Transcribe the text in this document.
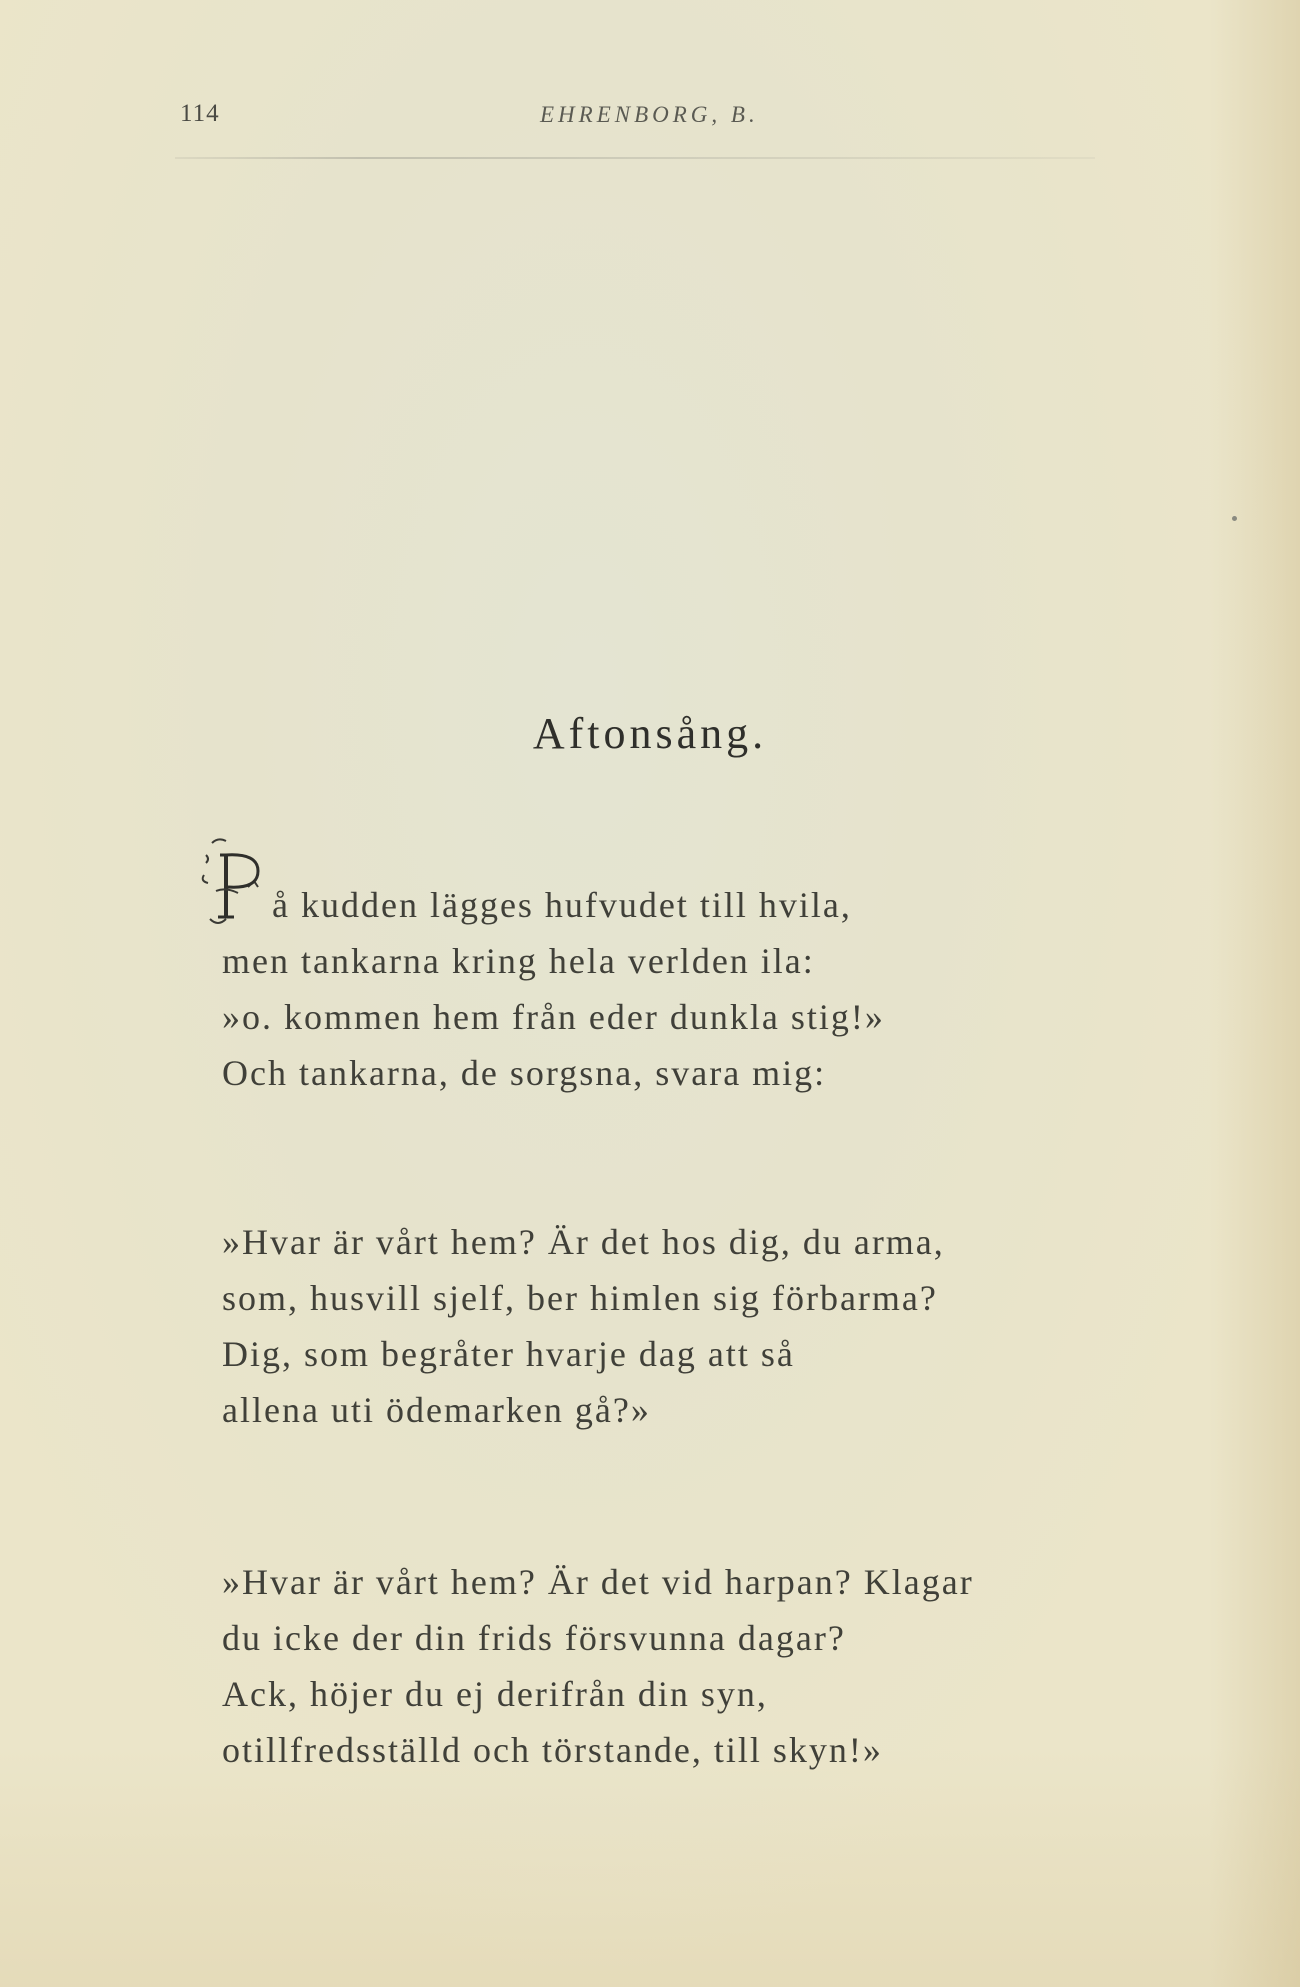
114	EHRENBORG, B.
Aftonsång.
å kudden lägges hufvudet till hvila,
men tankarna kring hela verlden ila:
»o. kommen hem från eder dunkla stig!»
Och tankarna, de sorgsna, svara mig:
»Hvar är vårt hem? Är det hos dig, du arma,
som, husvill sjelf, ber himlen sig förbarma?
Dig, som begråter hvarje dag att så
allena uti ödemarken gå?»
»Hvar är vårt hem? Är det vid harpan? Klagar
du icke der din frids försvunna dagar?
Ack, höjer du ej derifrån din syn,
otillfredsställd och törstande, till skyn!»
